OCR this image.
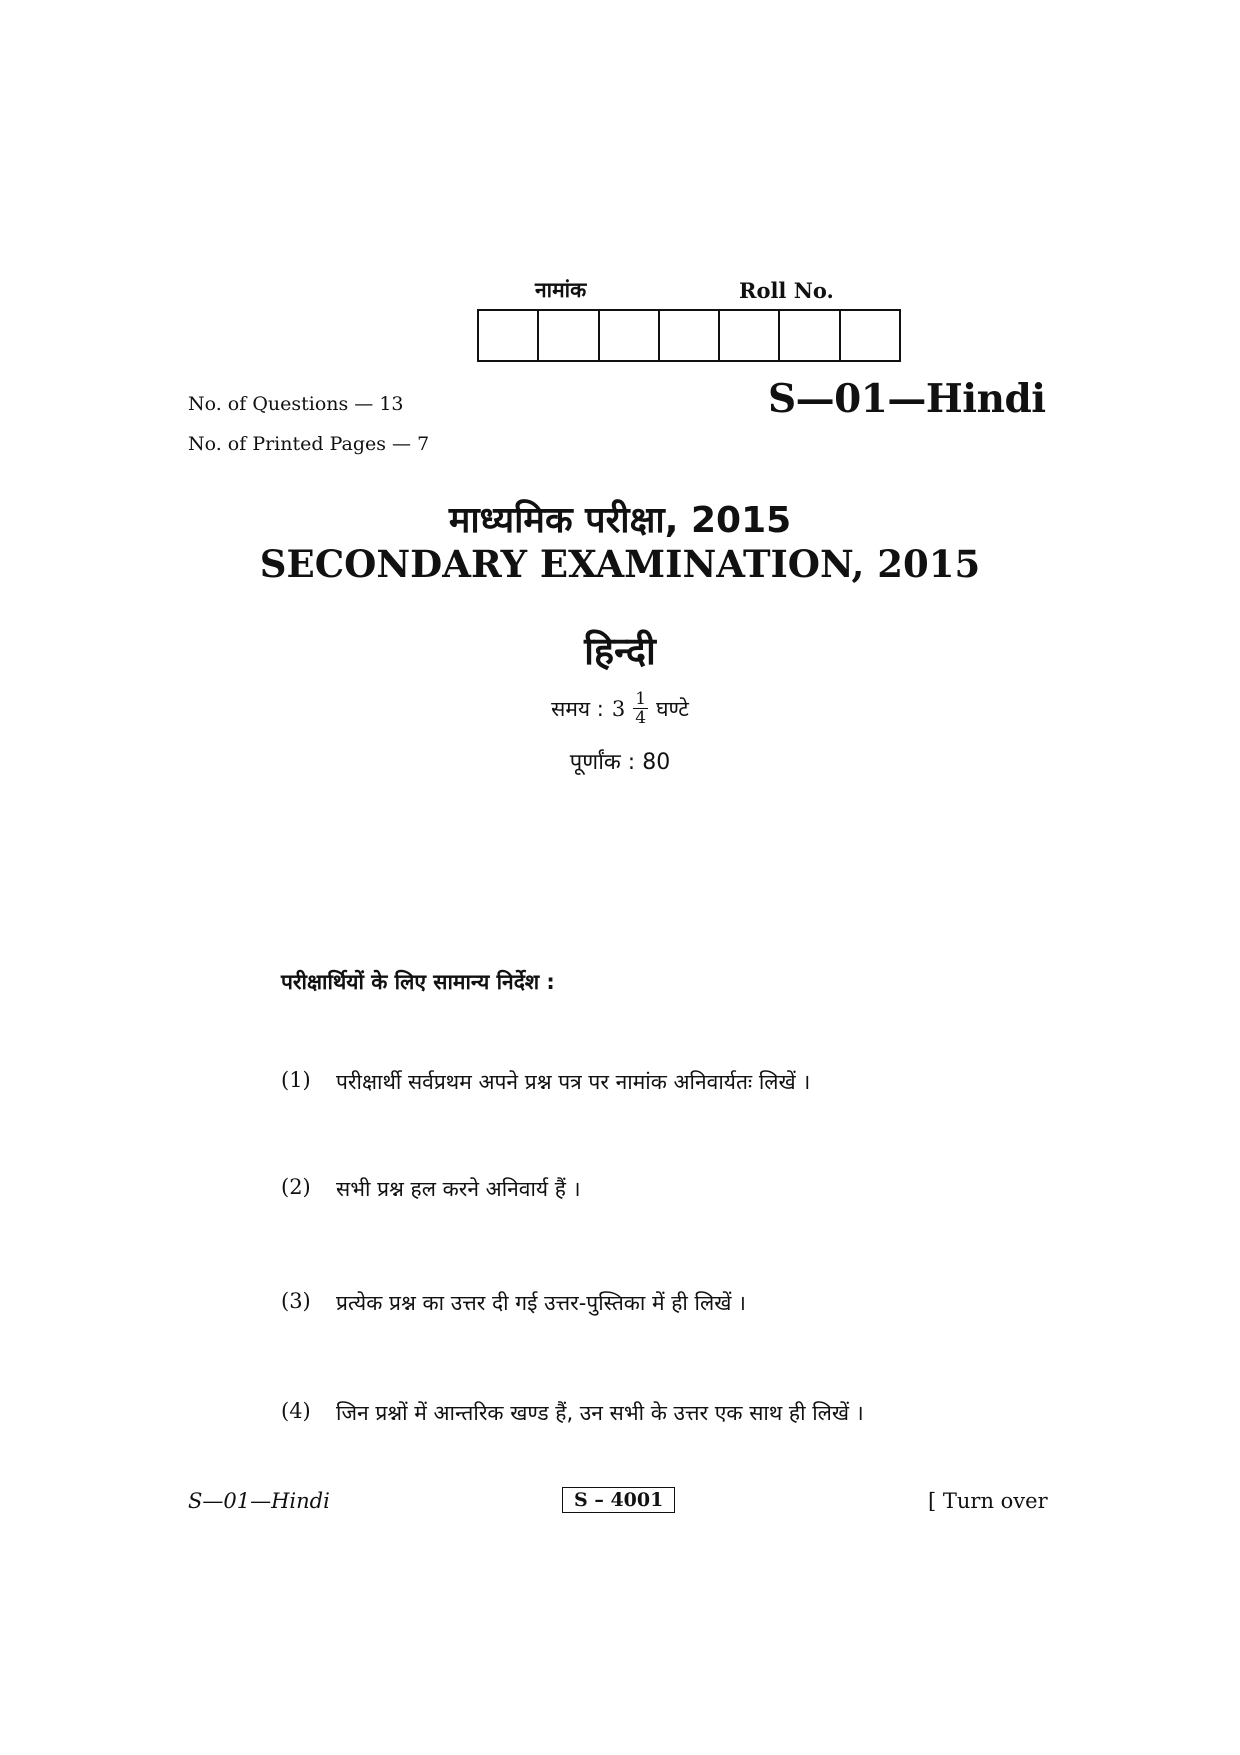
नामांक	Roll No.
No. of Questions — 13
No. of Printed Pages — 7
S—01—Hindi
माध्यमिक परीक्षा, 2015
SECONDARY EXAMINATION, 2015
हिन्दी
समय : $3 \frac{1}{4}$ घण्टे
पूर्णांक : 80
परीक्षार्थियों के लिए सामान्य निर्देश :
(1)	परीक्षार्थी सर्वप्रथम अपने प्रश्न पत्र पर नामांक अनिवार्यतः लिखें ।
(2)	सभी प्रश्न हल करने अनिवार्य हैं ।
(3)	प्रत्येक प्रश्न का उत्तर दी गई उत्तर-पुस्तिका में ही लिखें ।
(4)	जिन प्रश्नों में आन्तरिक खण्ड हैं, उन सभी के उत्तर एक साथ ही लिखें ।
S—01—Hindi	S – 4001	[ Turn over
